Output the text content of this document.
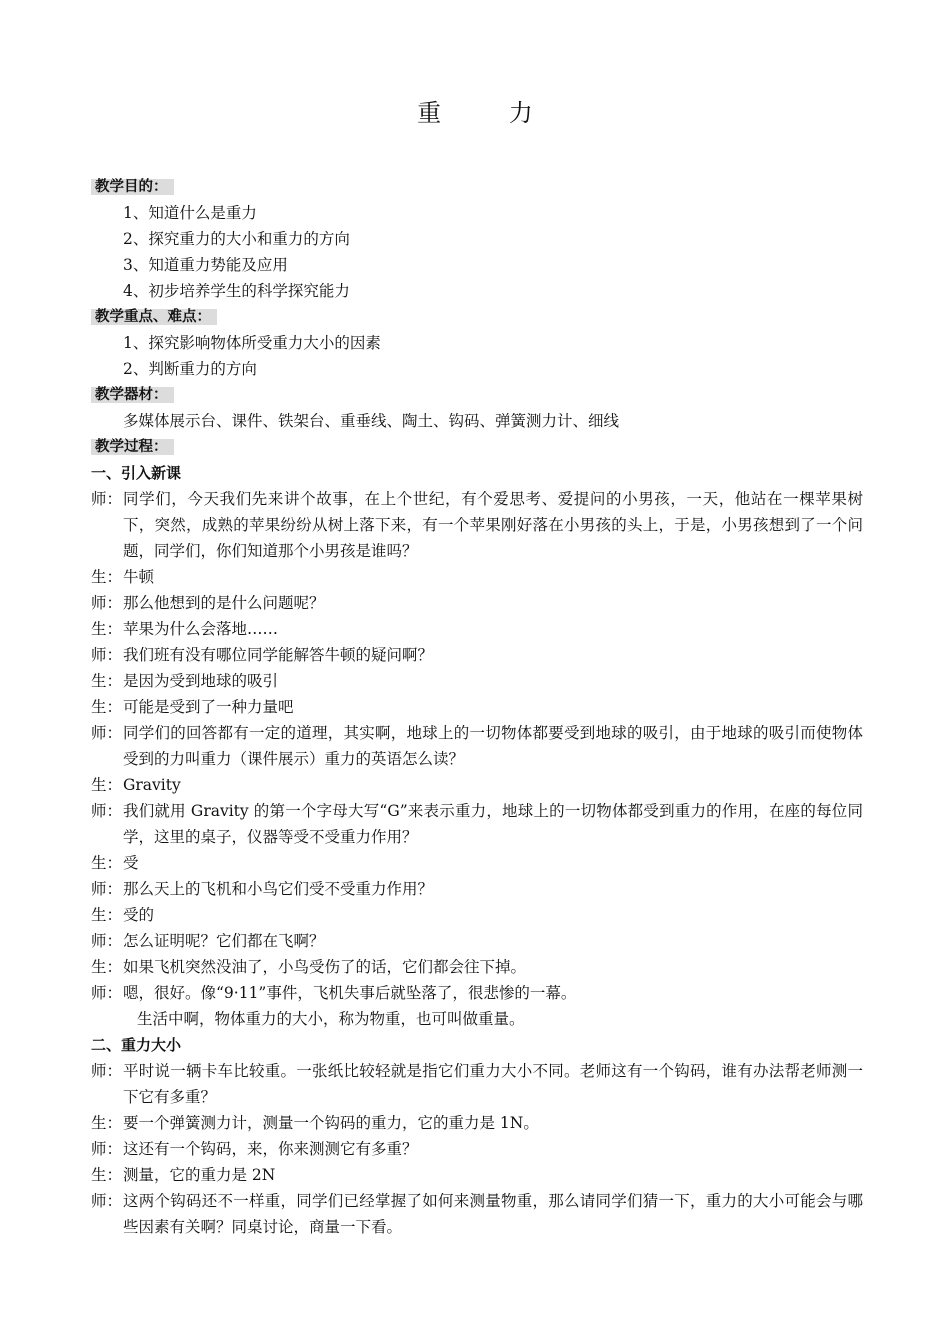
重 力
教学目的：
1、知道什么是重力
2、探究重力的大小和重力的方向
3、知道重力势能及应用
4、初步培养学生的科学探究能力
教学重点、难点：
1、探究影响物体所受重力大小的因素
2、判断重力的方向
教学器材：
多媒体展示台、课件、铁架台、重垂线、陶土、钩码、弹簧测力计、细线
教学过程：
一、引入新课
师： 同学们，今天我们先来讲个故事，在上个世纪，有个爱思考、爱提问的小男孩，一天，他站在一棵苹果树下，突然，成熟的苹果纷纷从树上落下来，有一个苹果刚好落在小男孩的头上，于是，小男孩想到了一个问题，同学们，你们知道那个小男孩是谁吗？
生： 牛顿
师： 那么他想到的是什么问题呢？
生： 苹果为什么会落地……
师： 我们班有没有哪位同学能解答牛顿的疑问啊？
生： 是因为受到地球的吸引
生： 可能是受到了一种力量吧
师： 同学们的回答都有一定的道理，其实啊，地球上的一切物体都要受到地球的吸引，由于地球的吸引而使物体受到的力叫重力（课件展示）重力的英语怎么读？
生： Gravity
师： 我们就用 Gravity 的第一个字母大写“G”来表示重力，地球上的一切物体都受到重力的作用，在座的每位同学，这里的桌子，仪器等受不受重力作用？
生： 受
师： 那么天上的飞机和小鸟它们受不受重力作用？
生： 受的
师： 怎么证明呢？它们都在飞啊？
生： 如果飞机突然没油了，小鸟受伤了的话，它们都会往下掉。
师： 嗯，很好。像“9·11”事件，飞机失事后就坠落了，很悲惨的一幕。
生活中啊，物体重力的大小，称为物重，也可叫做重量。
二、重力大小
师： 平时说一辆卡车比较重。一张纸比较轻就是指它们重力大小不同。老师这有一个钩码，谁有办法帮老师测一下它有多重？
生： 要一个弹簧测力计，测量一个钩码的重力，它的重力是 1N。
师： 这还有一个钩码，来，你来测测它有多重？
生： 测量，它的重力是 2N
师： 这两个钩码还不一样重，同学们已经掌握了如何来测量物重，那么请同学们猜一下，重力的大小可能会与哪些因素有关啊？同桌讨论，商量一下看。
